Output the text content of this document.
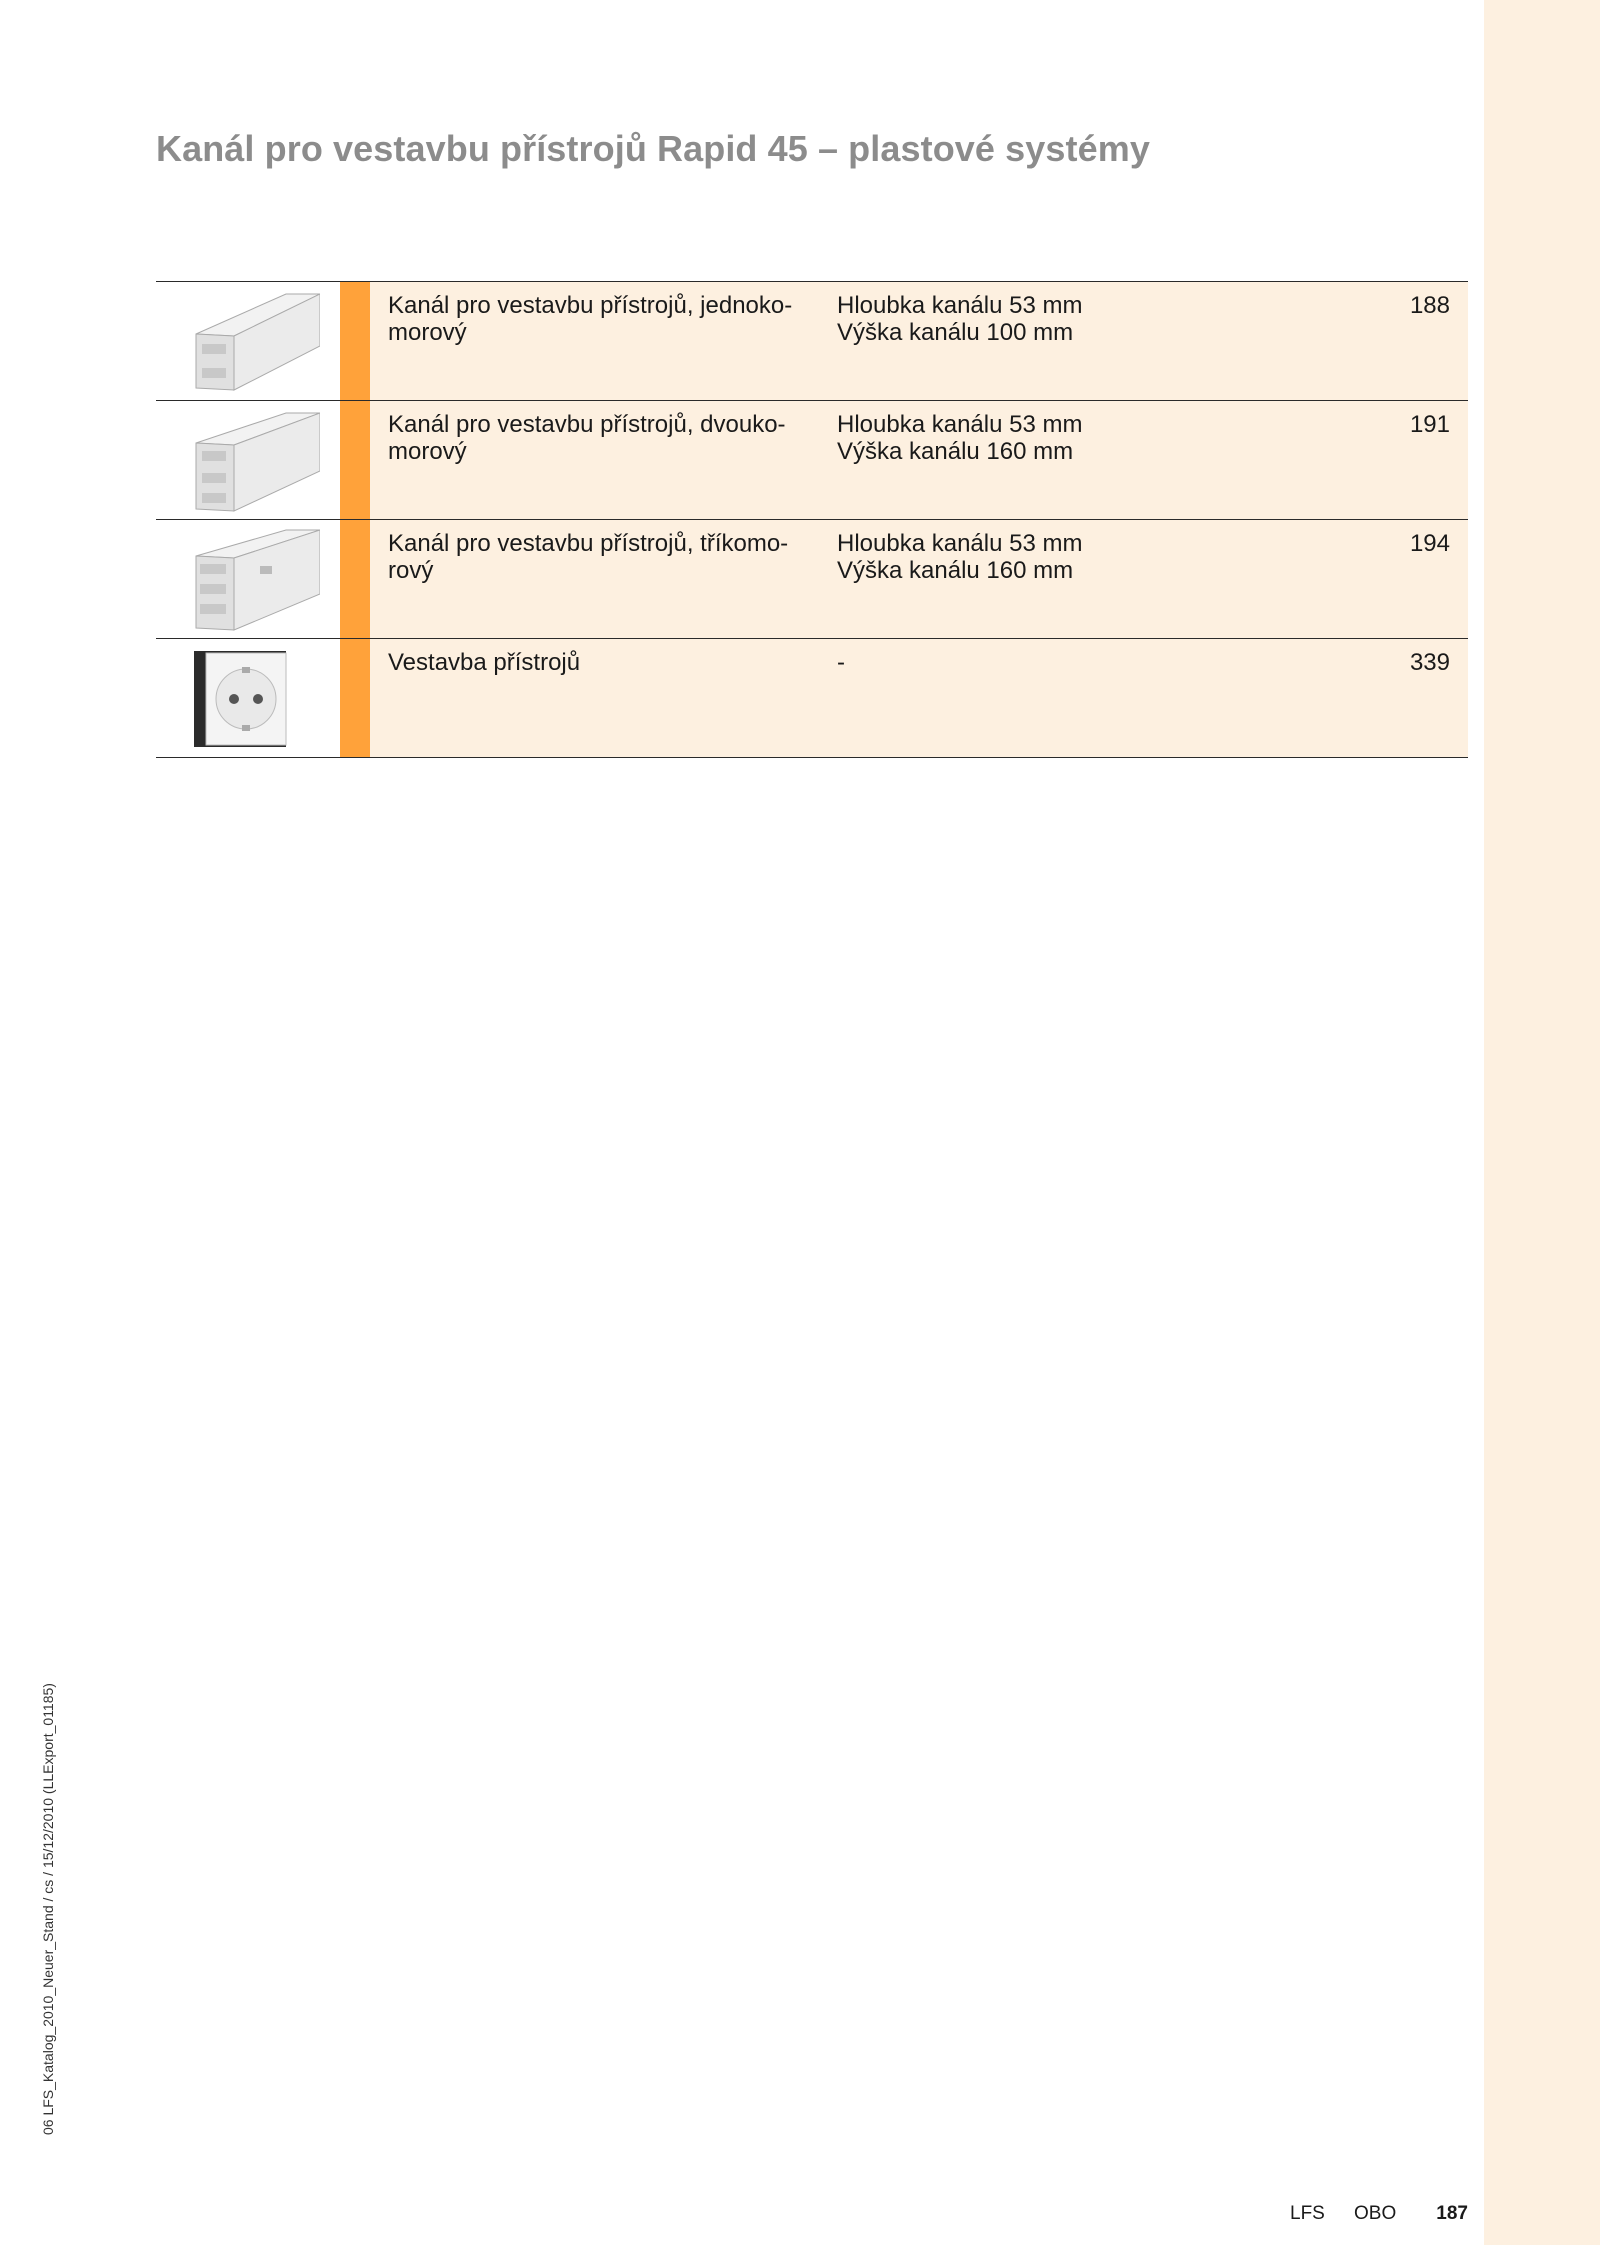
Kanál pro vestavbu přístrojů Rapid 45 – plastové systémy
Kanál pro vestavbu přístrojů, jednoko-
morový
Hloubka kanálu 53 mm
Výška kanálu 100 mm
188
Kanál pro vestavbu přístrojů, dvouko-
morový
Hloubka kanálu 53 mm
Výška kanálu 160 mm
191
Kanál pro vestavbu přístrojů, tříkomo-
rový
Hloubka kanálu 53 mm
Výška kanálu 160 mm
194
Vestavba přístrojů	-	339
06 LFS_Katalog_2010_Neuer_Stand / cs / 15/12/2010 (LLExport_01185)
LFS OBO 187
